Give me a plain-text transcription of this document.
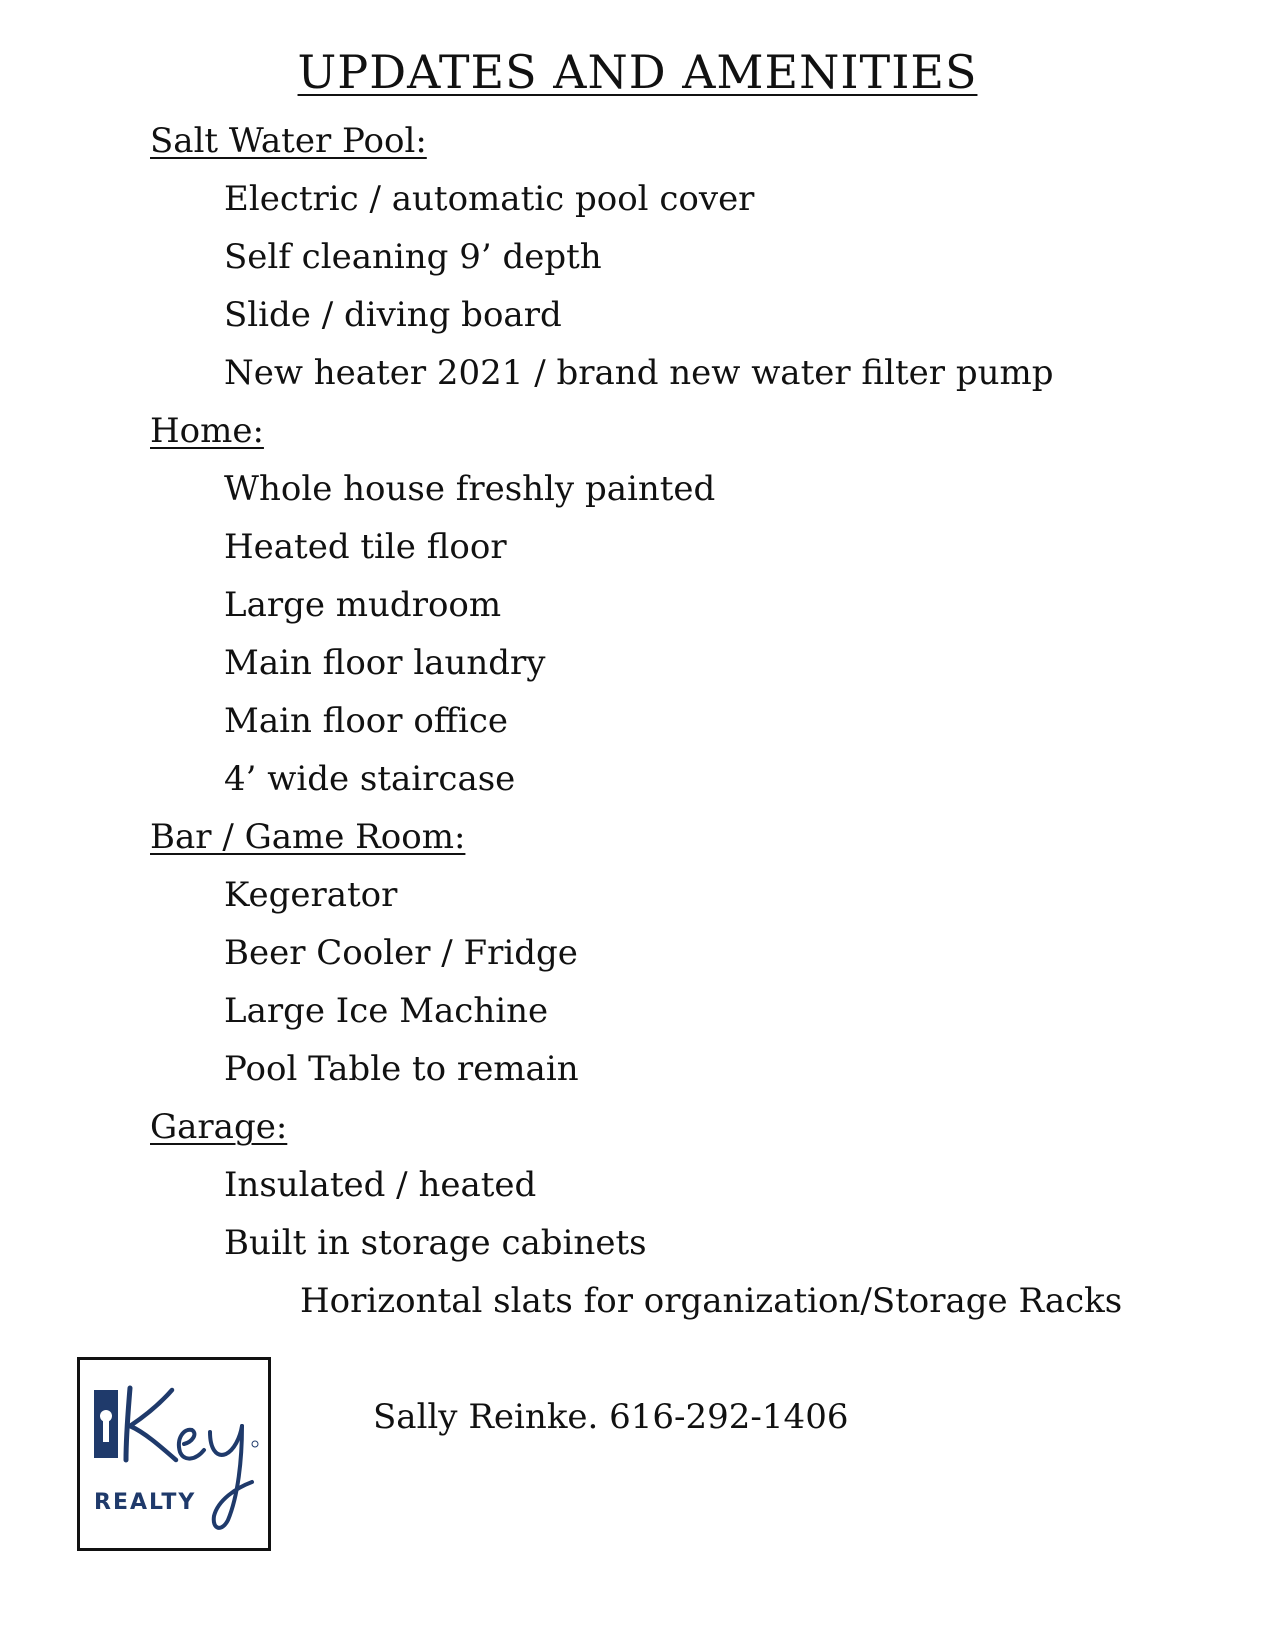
UPDATES AND AMENITIES
Salt Water Pool:
Electric / automatic pool cover
Self cleaning 9’ depth
Slide / diving board
New heater 2021 / brand new water filter pump
Home:
Whole house freshly painted
Heated tile floor
Large mudroom
Main floor laundry
Main floor office
4’ wide staircase
Bar / Game Room:
Kegerator
Beer Cooler / Fridge
Large Ice Machine
Pool Table to remain
Garage:
Insulated / heated
Built in storage cabinets
Horizontal slats for organization/Storage Racks
REALTY
Sally Reinke. 616-292-1406
